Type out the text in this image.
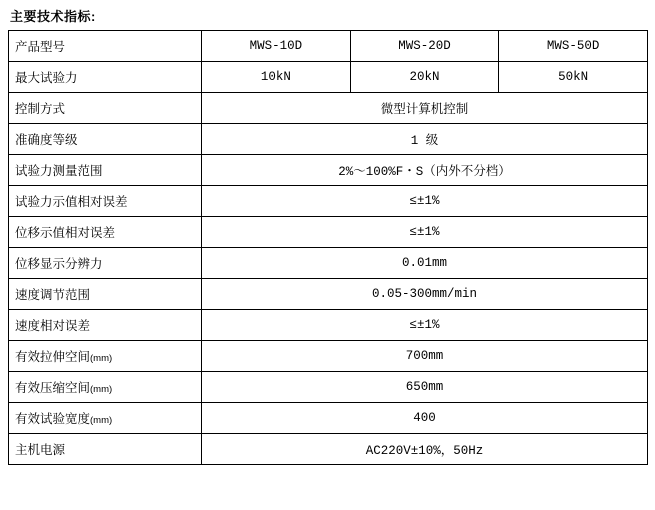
主要技术指标:
产品型号	MWS-10D	MWS-20D	MWS-50D
最大试验力	10kN	20kN	50kN
控制方式	微型计算机控制		
准确度等级	1 级		
试验力测量范围	2%～100%F・S（内外不分档）		
试验力示值相对误差	≤±1%		
位移示值相对误差	≤±1%		
位移显示分辨力	0.01mm		
速度调节范围	0.05-300mm/min		
速度相对误差	≤±1%		
有效拉伸空间(mm)	700mm		
有效压缩空间(mm)	650mm		
有效试验宽度(mm)	400		
主机电源	AC220V±10%，50Hz		
